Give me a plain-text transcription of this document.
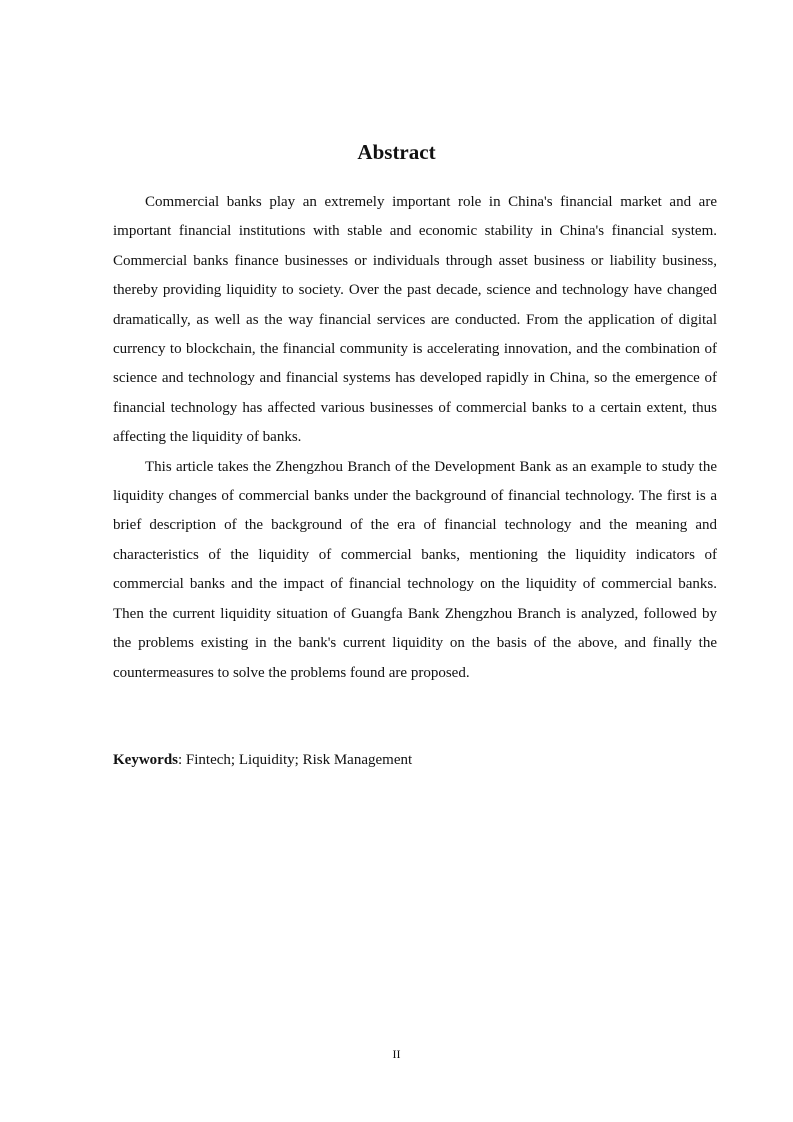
Abstract

Commercial banks play an extremely important role in China's financial market and are important financial institutions with stable and economic stability in China's financial system. Commercial banks finance businesses or individuals through asset business or liability business, thereby providing liquidity to society. Over the past decade, science and technology have changed dramatically, as well as the way financial services are conducted. From the application of digital currency to blockchain, the financial community is accelerating innovation, and the combination of science and technology and financial systems has developed rapidly in China, so the emergence of financial technology has affected various businesses of commercial banks to a certain extent, thus affecting the liquidity of banks.

This article takes the Zhengzhou Branch of the Development Bank as an example to study the liquidity changes of commercial banks under the background of financial technology. The first is a brief description of the background of the era of financial technology and the meaning and characteristics of the liquidity of commercial banks, mentioning the liquidity indicators of commercial banks and the impact of financial technology on the liquidity of commercial banks. Then the current liquidity situation of Guangfa Bank Zhengzhou Branch is analyzed, followed by the problems existing in the bank's current liquidity on the basis of the above, and finally the countermeasures to solve the problems found are proposed.

Keywords: Fintech; Liquidity; Risk Management
II
